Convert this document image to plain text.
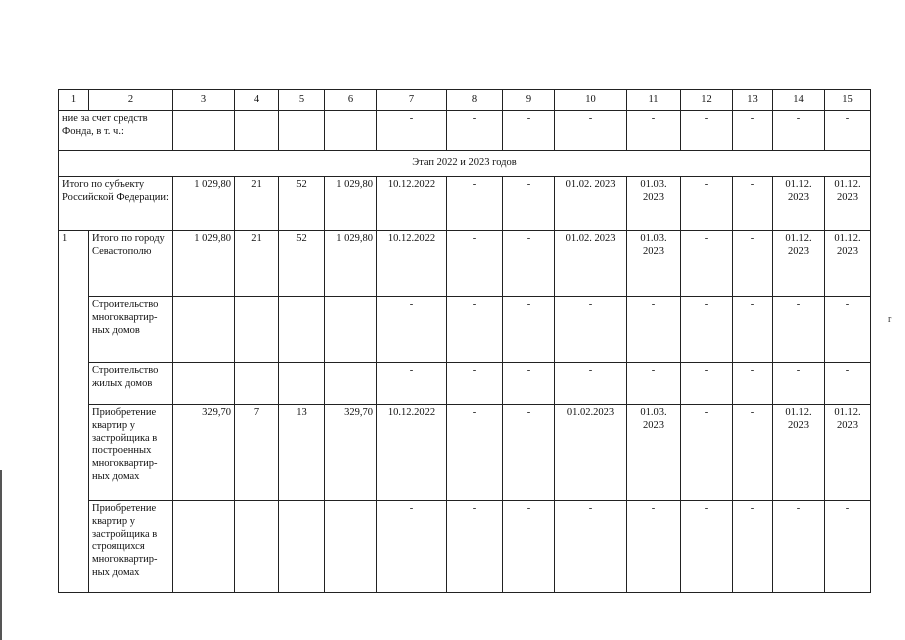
r
1	2	3	4	5	6	7	8	9	10	11	12	13	14	15
ние за счет средств Фонда, в т. ч.:						-	-	-	-	-	-	-	-	-
Этап 2022 и 2023 годов														
Итого по субъекту Российской Федерации:		1 029,80	21	52	1 029,80	10.12.2022	-	-	01.02. 2023	01.03. 2023	-	-	01.12. 2023	01.12. 2023
1	Итого по городу Севастополю	1 029,80	21	52	1 029,80	10.12.2022	-	-	01.02. 2023	01.03. 2023	-	-	01.12. 2023	01.12. 2023
	Строительство многоквартир-ных домов					-	-	-	-	-	-	-	-	-
	Строительство жилых домов					-	-	-	-	-	-	-	-	-
	Приобретение квартир у застройщика в построенных многоквартир-ных домах	329,70	7	13	329,70	10.12.2022	-	-	01.02.2023	01.03. 2023	-	-	01.12. 2023	01.12. 2023
	Приобретение квартир у застройщика в строящихся многоквартир-ных домах					-	-	-	-	-	-	-	-	-
